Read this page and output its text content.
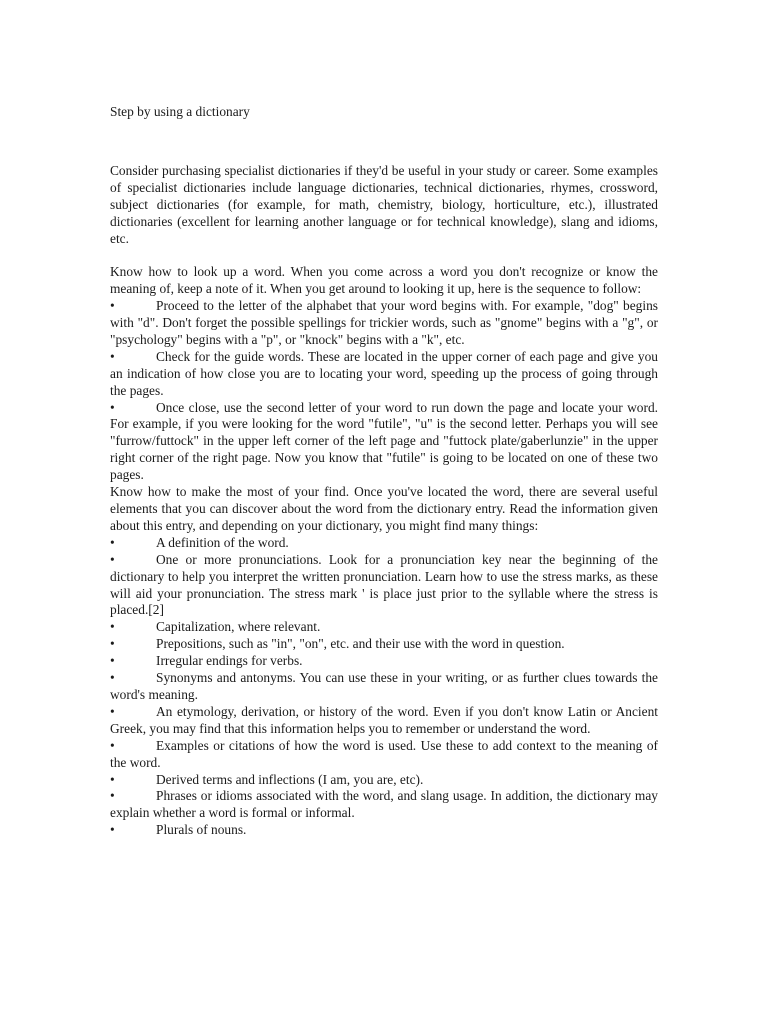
Step by using a dictionary

Consider purchasing specialist dictionaries if they'd be useful in your study or career. Some examples of specialist dictionaries include language dictionaries, technical dictionaries, rhymes, crossword, subject dictionaries (for example, for math, chemistry, biology, horticulture, etc.), illustrated dictionaries (excellent for learning another language or for technical knowledge), slang and idioms, etc.

Know how to look up a word. When you come across a word you don't recognize or know the meaning of, keep a note of it. When you get around to looking it up, here is the sequence to follow:

•	Proceed to the letter of the alphabet that your word begins with. For example, "dog" begins with "d". Don't forget the possible spellings for trickier words, such as "gnome" begins with a "g", or "psychology" begins with a "p", or "knock" begins with a "k", etc.
•	Check for the guide words. These are located in the upper corner of each page and give you an indication of how close you are to locating your word, speeding up the process of going through the pages.
•	Once close, use the second letter of your word to run down the page and locate your word. For example, if you were looking for the word "futile", "u" is the second letter. Perhaps you will see "furrow/futtock" in the upper left corner of the left page and "futtock plate/gaberlunzie" in the upper right corner of the right page. Now you know that "futile" is going to be located on one of these two pages.

Know how to make the most of your find. Once you've located the word, there are several useful elements that you can discover about the word from the dictionary entry. Read the information given about this entry, and depending on your dictionary, you might find many things:

•	A definition of the word.
•	One or more pronunciations. Look for a pronunciation key near the beginning of the dictionary to help you interpret the written pronunciation. Learn how to use the stress marks, as these will aid your pronunciation. The stress mark ' is place just prior to the syllable where the stress is placed.[2]
•	Capitalization, where relevant.
•	Prepositions, such as "in", "on", etc. and their use with the word in question.
•	Irregular endings for verbs.
•	Synonyms and antonyms. You can use these in your writing, or as further clues towards the word's meaning.
•	An etymology, derivation, or history of the word. Even if you don't know Latin or Ancient Greek, you may find that this information helps you to remember or understand the word.
•	Examples or citations of how the word is used. Use these to add context to the meaning of the word.
•	Derived terms and inflections (I am, you are, etc).
•	Phrases or idioms associated with the word, and slang usage. In addition, the dictionary may explain whether a word is formal or informal.
•	Plurals of nouns.
